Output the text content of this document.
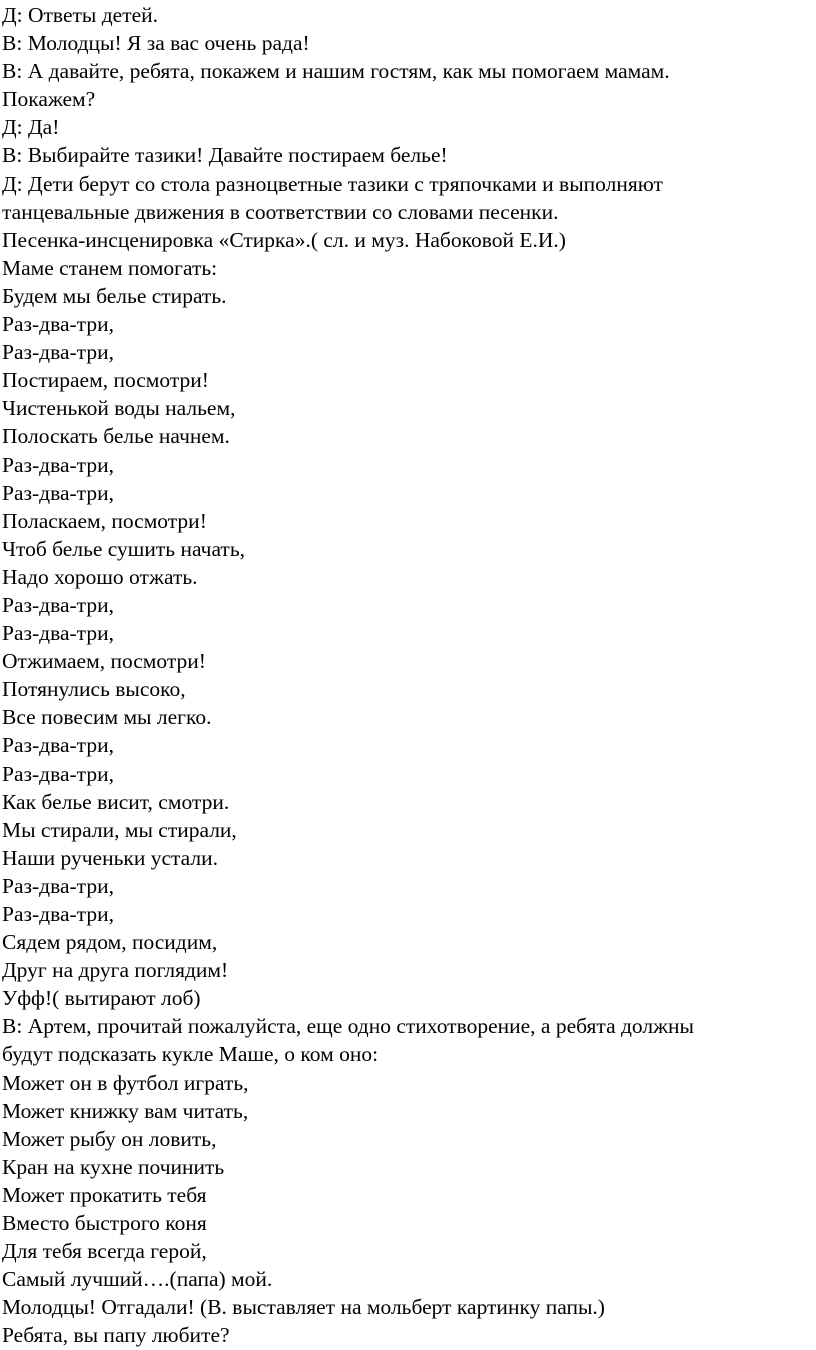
Д: Ответы детей.

В: Молодцы! Я за вас очень рада!

В: А давайте, ребята, покажем и нашим гостям, как мы помогаем мамам.

Покажем?

Д: Да!

В: Выбирайте тазики! Давайте постираем белье!

Д: Дети берут со стола разноцветные тазики с тряпочками и выполняют

танцевальные движения в соответствии со словами песенки.

Песенка-инсценировка «Стирка».( сл. и муз. Набоковой Е.И.)

Маме станем помогать:

Будем мы белье стирать.

Раз-два-три,

Раз-два-три,

Постираем, посмотри!

Чистенькой воды нальем,

Полоскать белье начнем.

Раз-два-три,

Раз-два-три,

Поласкаем, посмотри!

Чтоб белье сушить начать,

Надо хорошо отжать.

Раз-два-три,

Раз-два-три,

Отжимаем, посмотри!

Потянулись высоко,

Все повесим мы легко.

Раз-два-три,

Раз-два-три,

Как белье висит, смотри.

Мы стирали, мы стирали,

Наши рученьки устали.

Раз-два-три,

Раз-два-три,

Сядем рядом, посидим,

Друг на друга поглядим!

Уфф!( вытирают лоб)

В: Артем, прочитай пожалуйста, еще одно стихотворение, а ребята должны

будут подсказать кукле Маше, о ком оно:

Может он в футбол играть,

Может книжку вам читать,

Может рыбу он ловить,

Кран на кухне починить

Может прокатить тебя

Вместо быстрого коня

Для тебя всегда герой,

Самый лучший….(папа) мой.

Молодцы! Отгадали! (В. выставляет на мольберт картинку папы.)

Ребята, вы папу любите?
